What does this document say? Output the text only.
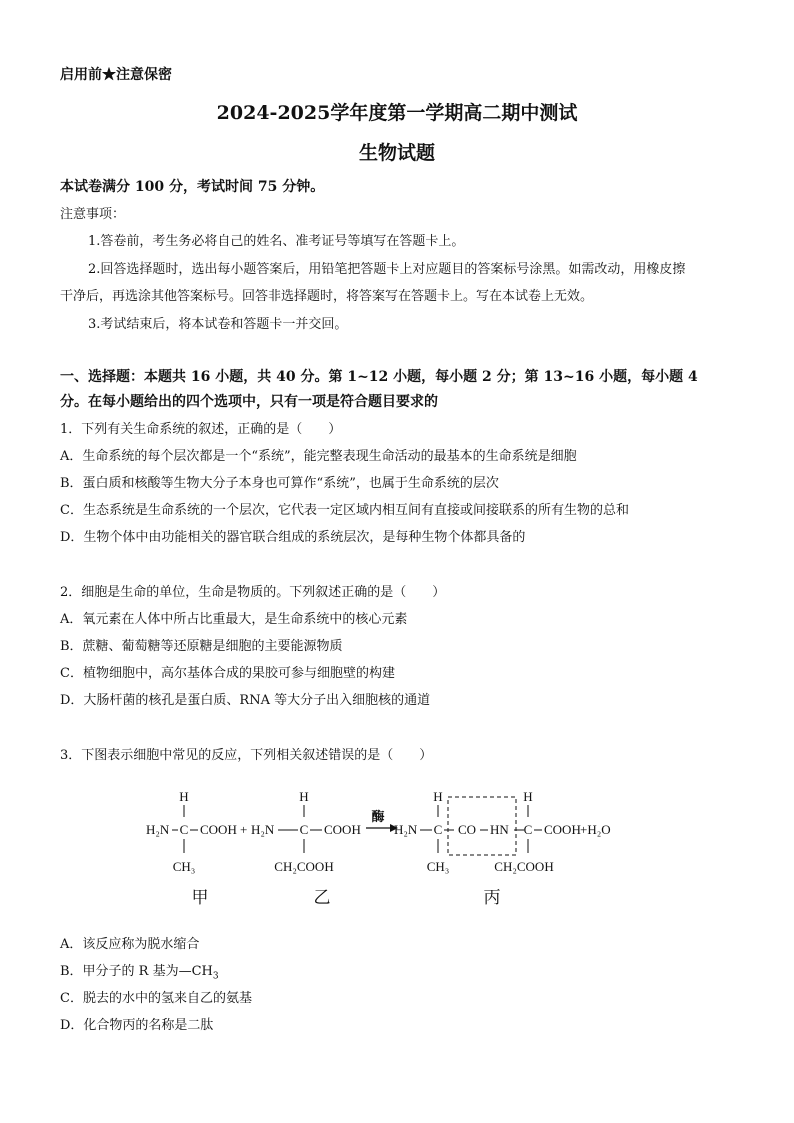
启用前★注意保密
2024-2025学年度第一学期高二期中测试
生物试题
本试卷满分 100 分，考试时间 75 分钟。
注意事项：
1.答卷前，考生务必将自己的姓名、准考证号等填写在答题卡上。
2.回答选择题时，选出每小题答案后，用铅笔把答题卡上对应题目的答案标号涂黑。如需改动，用橡皮擦
干净后，再选涂其他答案标号。回答非选择题时，将答案写在答题卡上。写在本试卷上无效。
3.考试结束后，将本试卷和答题卡一并交回。
一、选择题：本题共 16 小题，共 40 分。第 1~12 小题，每小题 2 分；第 13~16 小题，每小题 4
分。在每小题给出的四个选项中，只有一项是符合题目要求的
1．下列有关生命系统的叙述，正确的是（　　）
A．生命系统的每个层次都是一个“系统”，能完整表现生命活动的最基本的生命系统是细胞
B．蛋白质和核酸等生物大分子本身也可算作“系统”，也属于生命系统的层次
C．生态系统是生命系统的一个层次，它代表一定区域内相互间有直接或间接联系的所有生物的总和
D．生物个体中由功能相关的器官联合组成的系统层次，是每种生物个体都具备的
2．细胞是生命的单位，生命是物质的。下列叙述正确的是（　　）
A．氧元素在人体中所占比重最大，是生命系统中的核心元素
B．蔗糖、葡萄糖等还原糖是细胞的主要能源物质
C．植物细胞中，高尔基体合成的果胶可参与细胞壁的构建
D．大肠杆菌的核孔是蛋白质、RNA 等大分子出入细胞核的通道
3．下图表示细胞中常见的反应，下列相关叙述错误的是（　　）
H
H₂N C COOH
CH₃
+
H
H₂N C COOH
CH₂COOH
酶
H₂N
H
C
CH₃
CO HN
H
C COOH +H₂O
CH₂COOH
甲	乙	丙
A．该反应称为脱水缩合
B．甲分子的 R 基为$—CH_3$
C．脱去的水中的氢来自乙的氨基
D．化合物丙的名称是二肽
